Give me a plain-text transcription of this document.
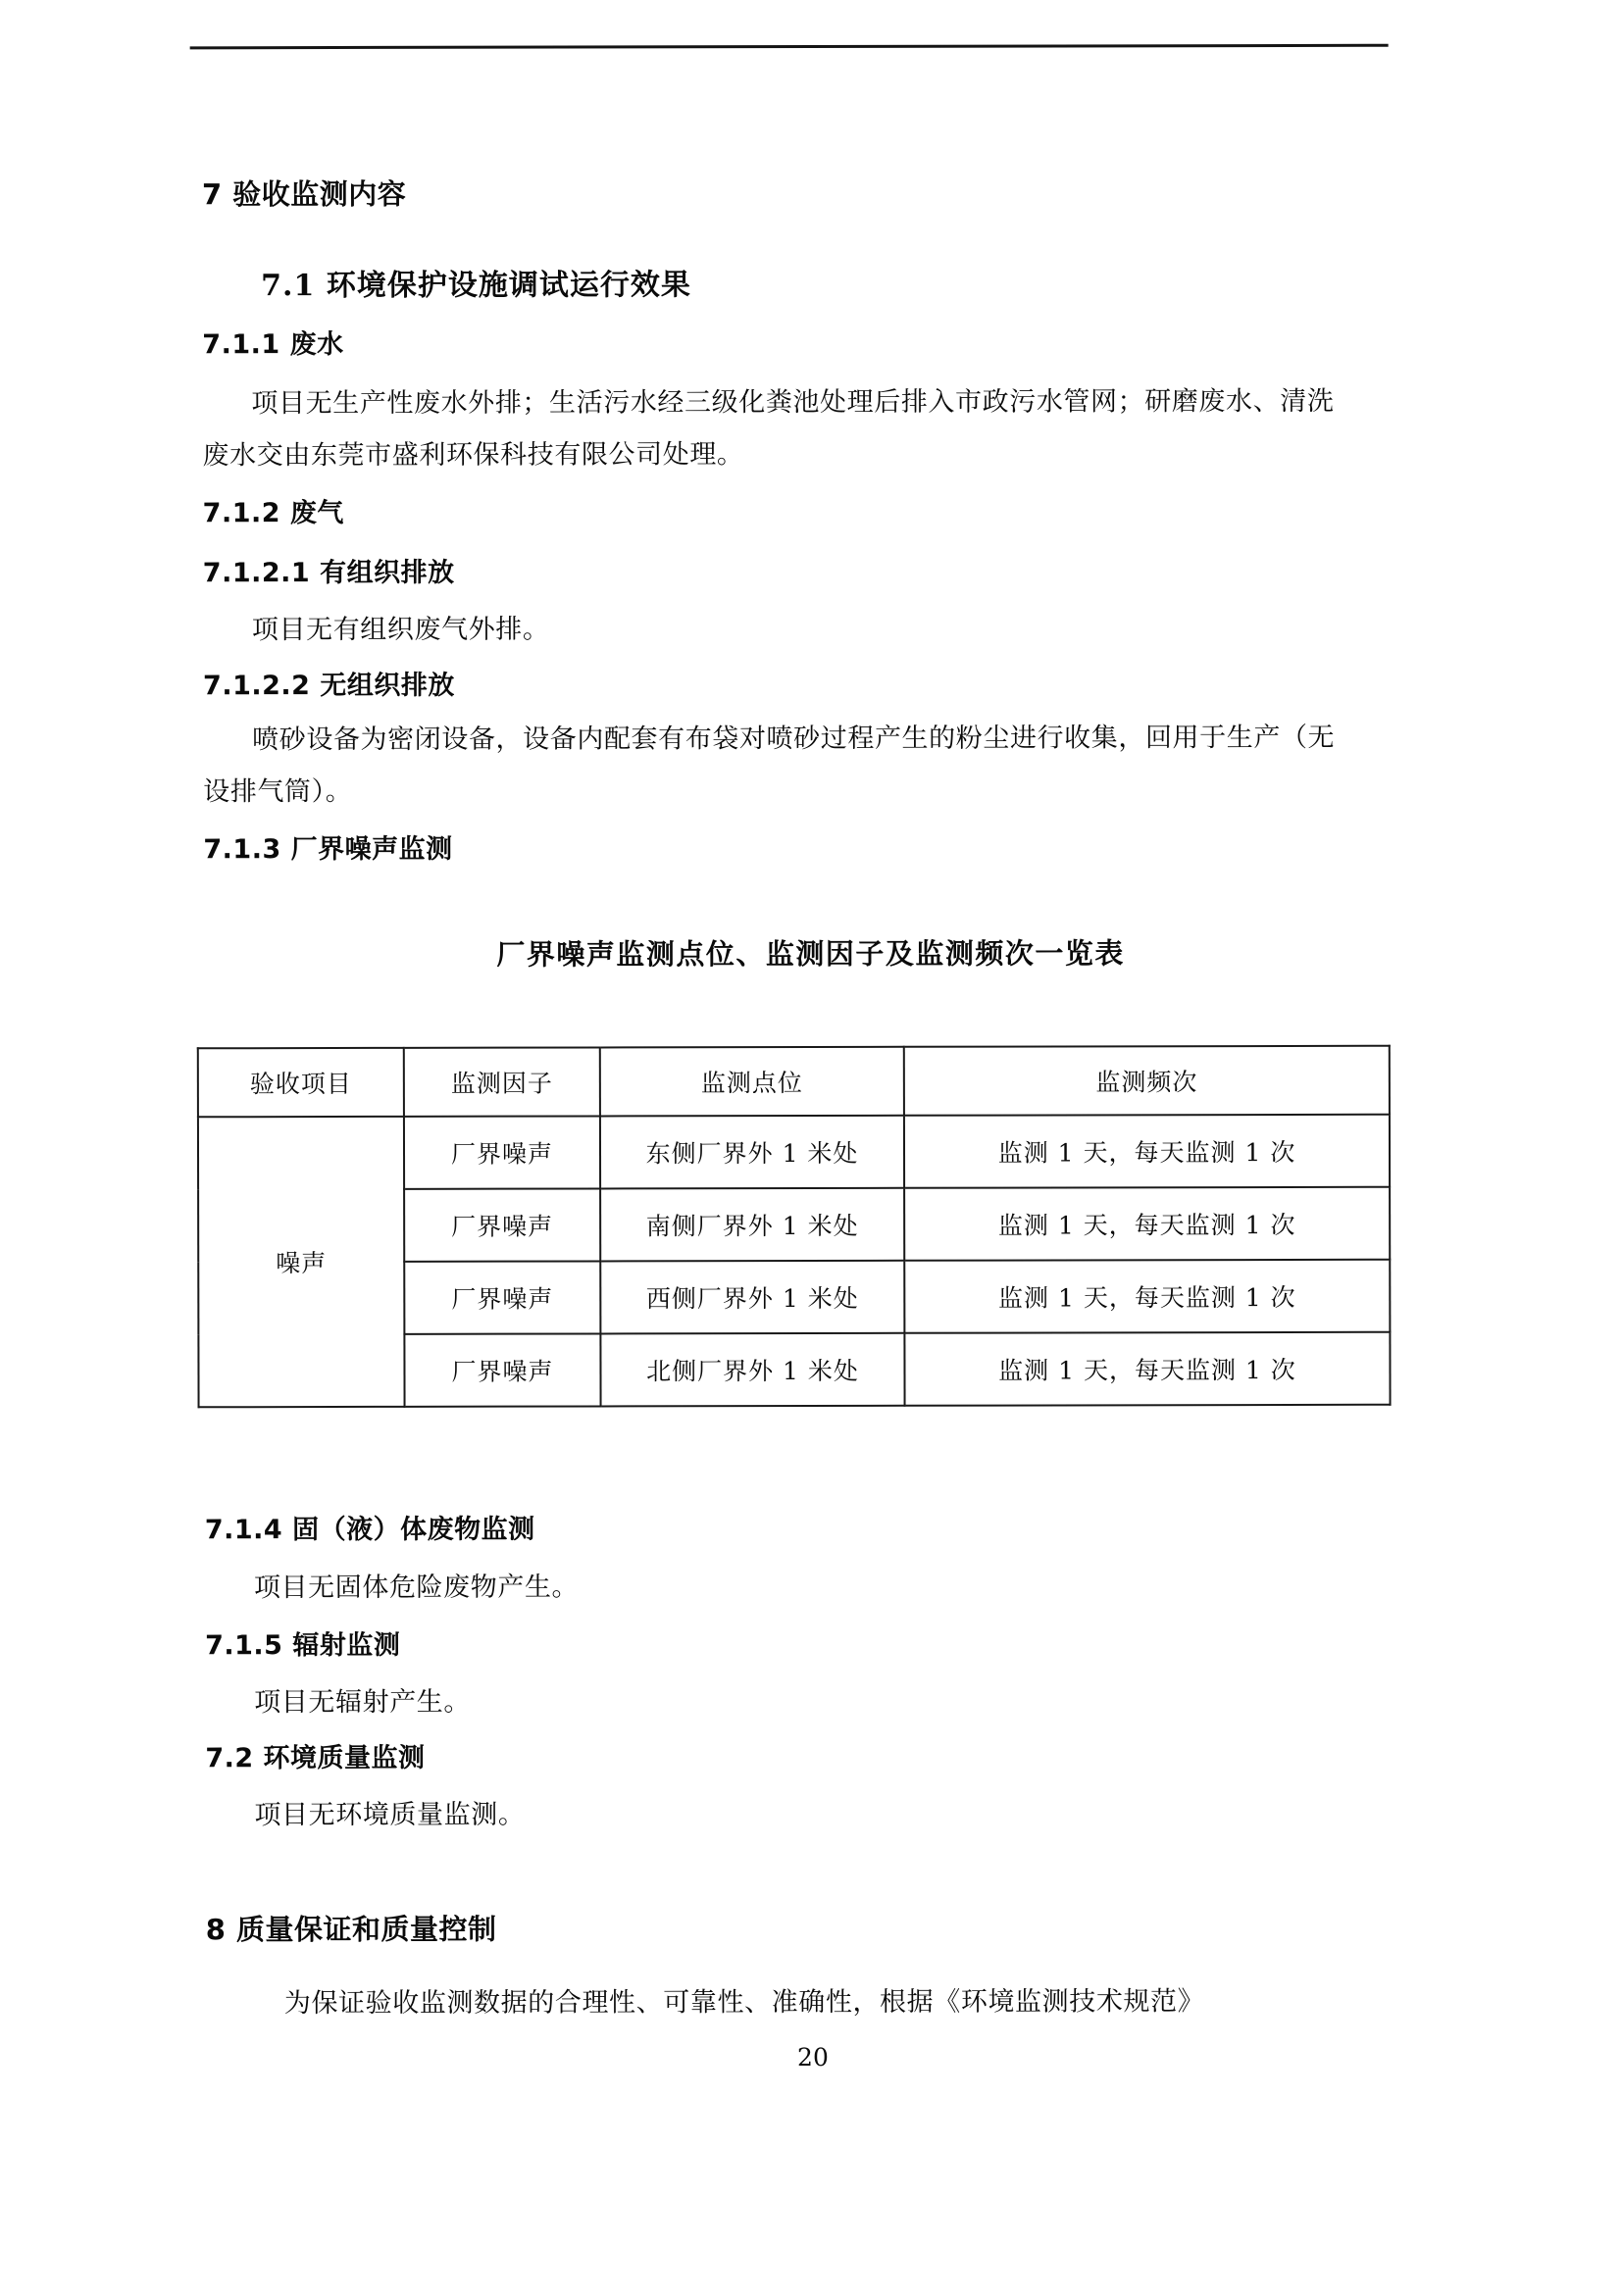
7 验收监测内容
7.1 环境保护设施调试运行效果
7.1.1 废水
项目无生产性废水外排；生活污水经三级化粪池处理后排入市政污水管网；研磨废水、清洗
废水交由东莞市盛利环保科技有限公司处理。
7.1.2 废气
7.1.2.1 有组织排放
项目无有组织废气外排。
7.1.2.2 无组织排放
喷砂设备为密闭设备，设备内配套有布袋对喷砂过程产生的粉尘进行收集，回用于生产（无
设排气筒）。
7.1.3 厂界噪声监测
厂界噪声监测点位、监测因子及监测频次一览表
验收项目	监测因子	监测点位	监测频次
噪声	厂界噪声	东侧厂界外 1 米处	监测 1 天，每天监测 1 次
	厂界噪声	南侧厂界外 1 米处	监测 1 天，每天监测 1 次
	厂界噪声	西侧厂界外 1 米处	监测 1 天，每天监测 1 次
	厂界噪声	北侧厂界外 1 米处	监测 1 天，每天监测 1 次
7.1.4 固（液）体废物监测
项目无固体危险废物产生。
7.1.5 辐射监测
项目无辐射产生。
7.2 环境质量监测
项目无环境质量监测。
8 质量保证和质量控制
为保证验收监测数据的合理性、可靠性、准确性，根据《环境监测技术规范》
20
